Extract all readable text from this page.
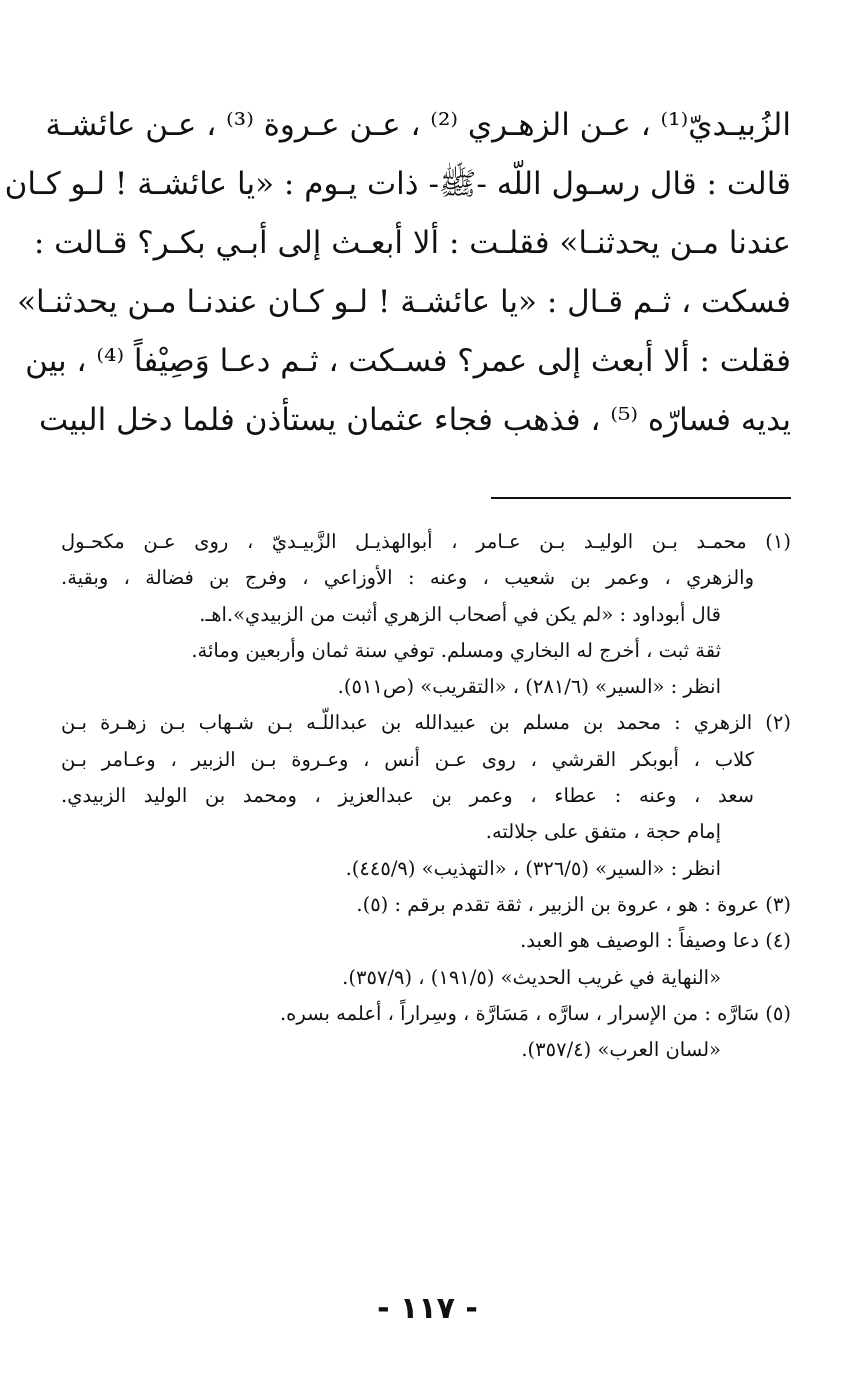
الزُبيـديّ⁽¹⁾ ، عـن الزهـري ⁽²⁾ ، عـن عـروة ⁽³⁾ ، عـن عائشـة
قالت : قال رسـول اللّه -ﷺ- ذات يـوم : «يا عائشـة ! لـو كـان
عندنا مـن يحدثنـا» فقلـت : ألا أبعـث إلى أبـي بكـر؟ قـالت :
فسكت ، ثـم قـال : «يا عائشـة ! لـو كـان عندنـا مـن يحدثنـا»
فقلت : ألا أبعث إلى عمر؟ فسـكت ، ثـم دعـا وَصِيْفاً ⁽⁴⁾ ، بين
يديه فسارّه ⁽⁵⁾ ، فذهب فجاء عثمان يستأذن فلما دخل البيت
(١) محمـد بـن الوليـد بـن عـامر ، أبوالهذيـل الزَّبيـديّ ، روى عـن مكحـول
والزهري ، وعمر بن شعيب ، وعنه : الأوزاعي ، وفرج بن فضالة ، وبقية.
قال أبوداود : «لم يكن في أصحاب الزهري أثبت من الزبيدي».اهـ.
ثقة ثبت ، أخرج له البخاري ومسلم. توفي سنة ثمان وأربعين ومائة.
انظر : «السير» (٢٨١/٦) ، «التقريب» (ص٥١١).
(٢) الزهري : محمد بن مسلم بن عبيدالله بن عبداللّـه بـن شـهاب بـن زهـرة بـن
كلاب ، أبوبكر القرشي ، روى عـن أنس ، وعـروة بـن الزبير ، وعـامر بـن
سعد ، وعنه : عطاء ، وعمر بن عبدالعزيز ، ومحمد بن الوليد الزبيدي.
إمام حجة ، متفق على جلالته.
انظر : «السير» (٣٢٦/٥) ، «التهذيب» (٤٤٥/٩).
(٣) عروة : هو ، عروة بن الزبير ، ثقة تقدم برقم : (٥).
(٤) دعا وصيفاً : الوصيف هو العبد.
«النهاية في غريب الحديث» (١٩١/٥) ، (٣٥٧/٩).
(٥) سَارَّه : من الإسرار ، سارَّه ، مَسَارَّة ، وسِراراً ، أعلمه بسره.
«لسان العرب» (٣٥٧/٤).
- ١١٧ -
